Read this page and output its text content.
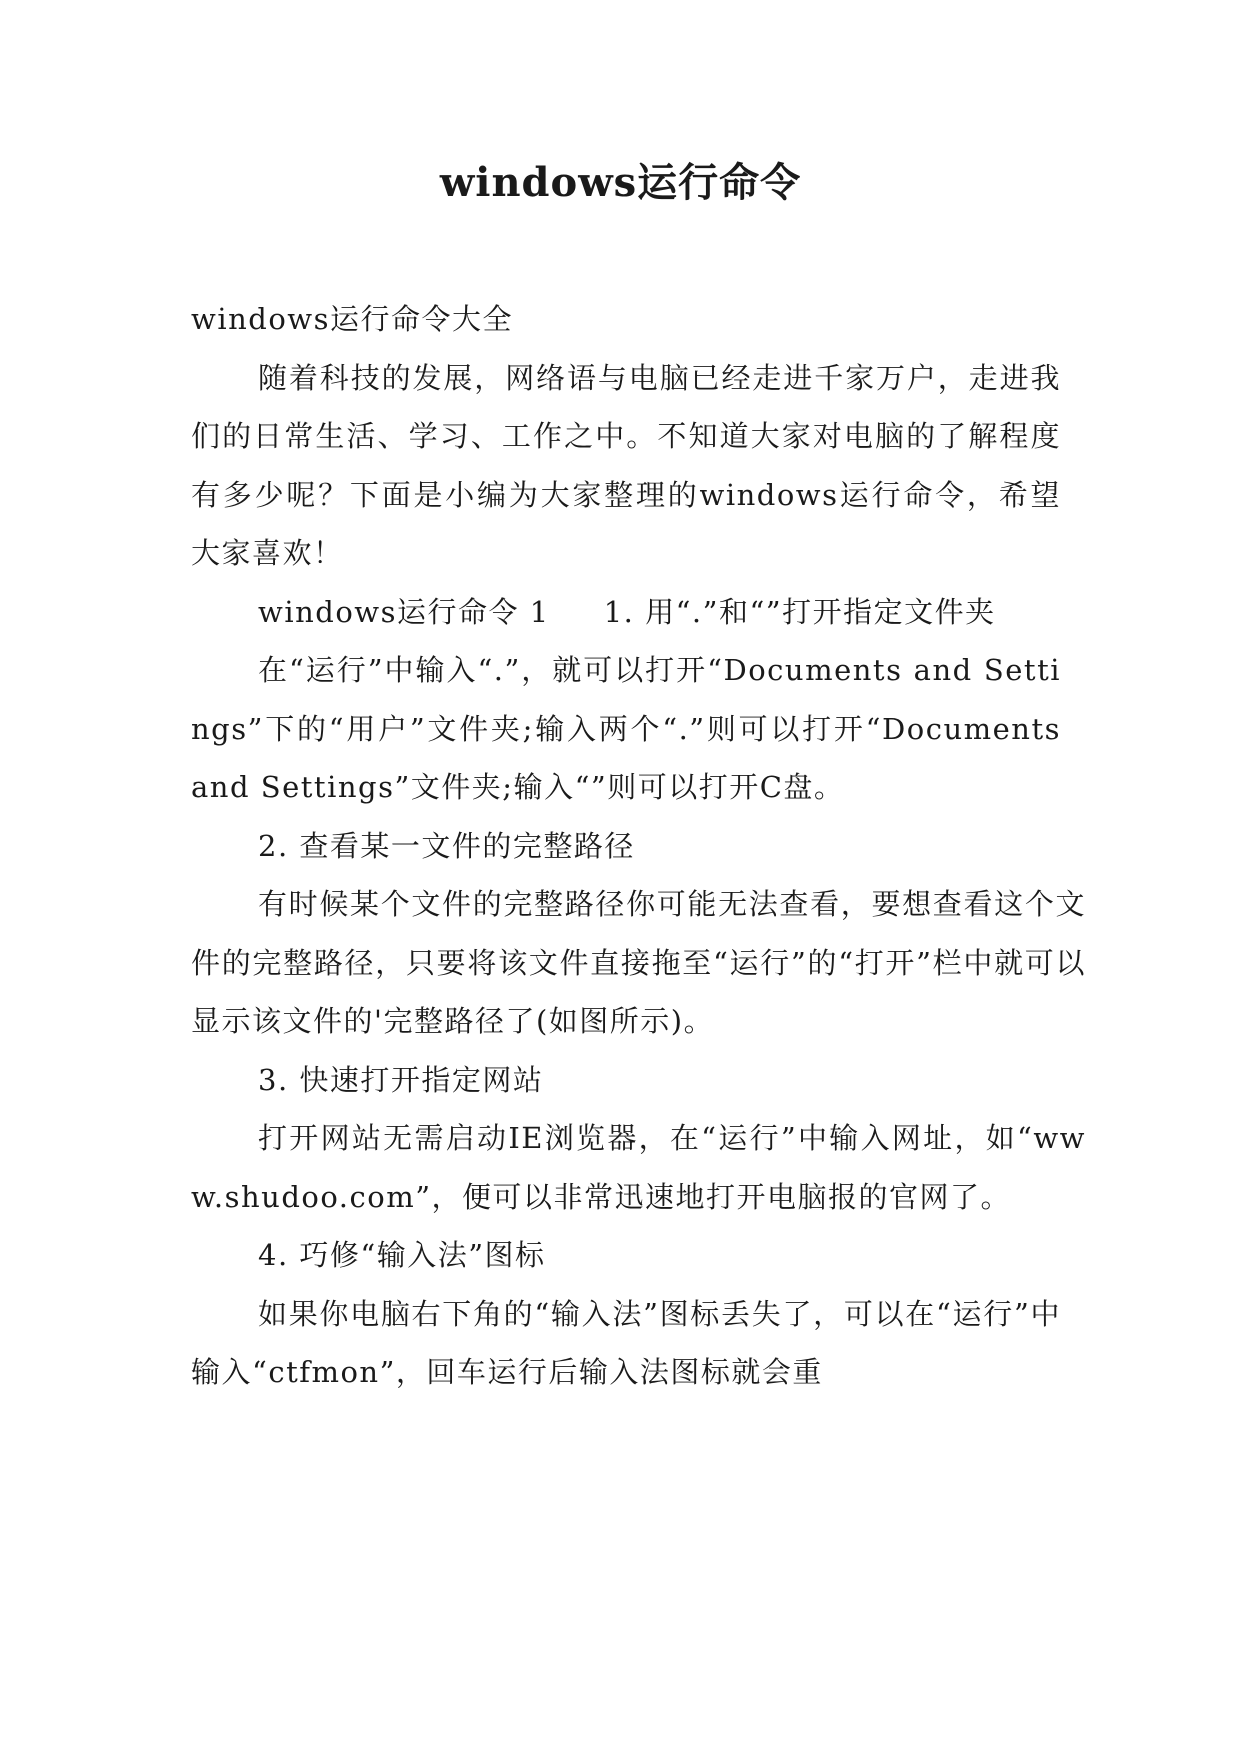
windows运行命令

windows运行命令大全

随着科技的发展，网络语与电脑已经走进千家万户，走进我们的日常生活、学习、工作之中。不知道大家对电脑的了解程度有多少呢？下面是小编为大家整理的windows运行命令，希望大家喜欢！

windows运行命令 1 1. 用“.”和“”打开指定文件夹

在“运行”中输入“.”，就可以打开“Documents and Settings”下的“用户”文件夹;输入两个“.”则可以打开“Documents and Settings”文件夹;输入“”则可以打开C盘。

2. 查看某一文件的完整路径

有时候某个文件的完整路径你可能无法查看，要想查看这个文件的完整路径，只要将该文件直接拖至“运行”的“打开”栏中就可以显示该文件的'完整路径了(如图所示)。

3. 快速打开指定网站

打开网站无需启动IE浏览器，在“运行”中输入网址，如“www.shudoo.com”，便可以非常迅速地打开电脑报的官网了。

4. 巧修“输入法”图标

如果你电脑右下角的“输入法”图标丢失了，可以在“运行”中输入“ctfmon”，回车运行后输入法图标就会重
